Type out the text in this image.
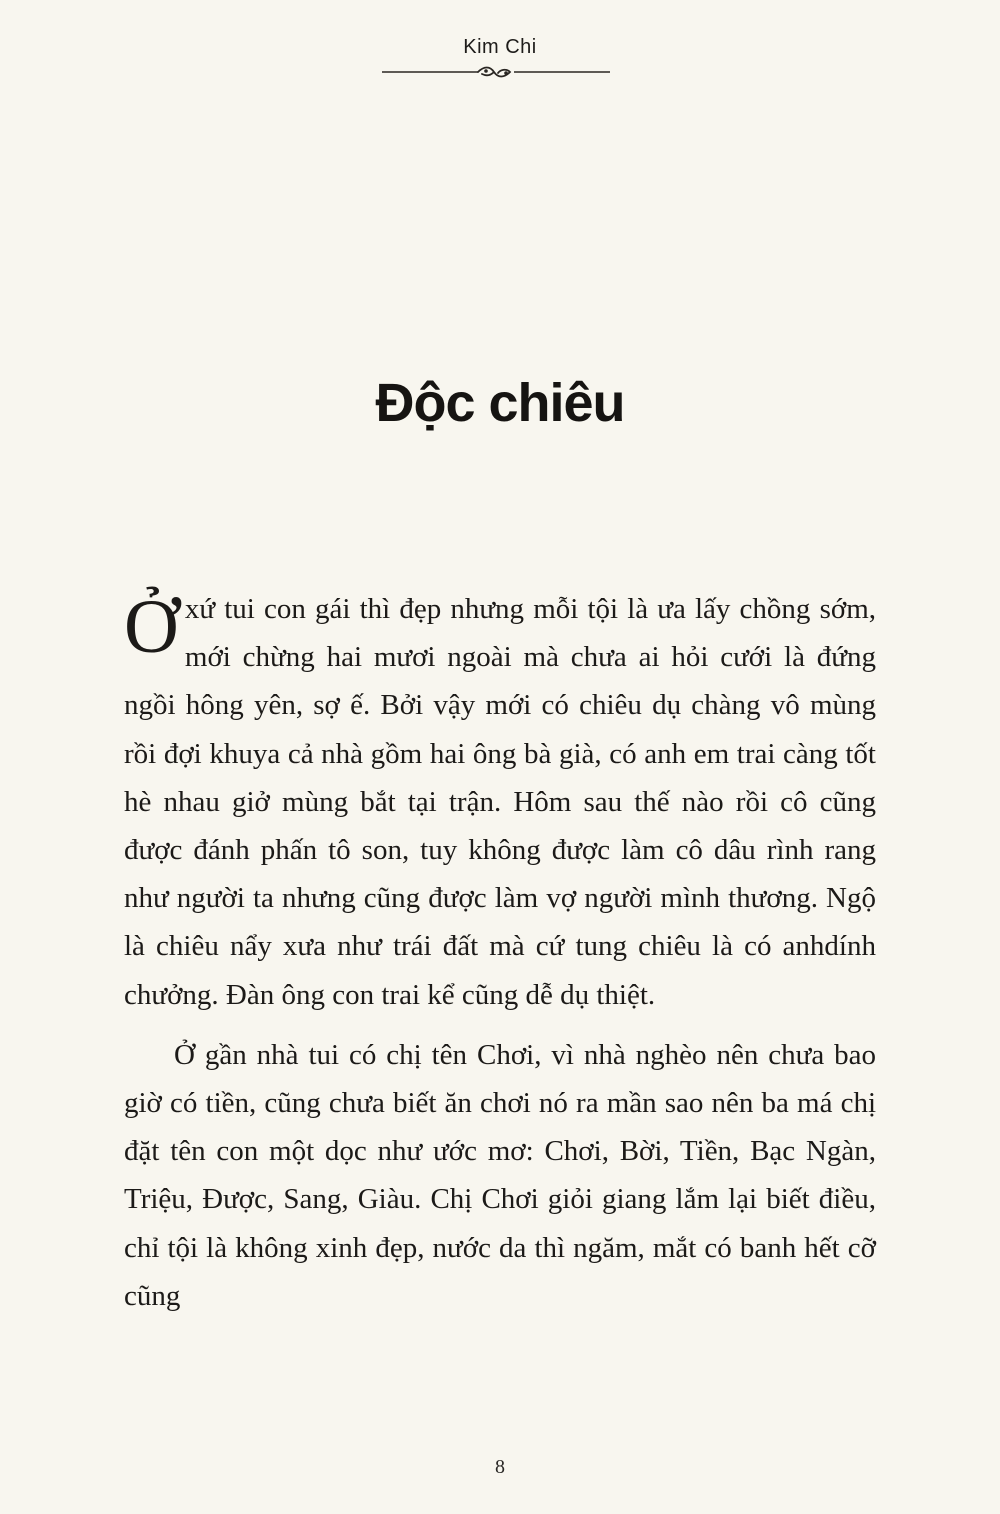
Kim Chi
Độc chiêu

Ở xứ tui con gái thì đẹp nhưng mỗi tội là ưa lấy chồng sớm, mới chừng hai mươi ngoài mà chưa ai hỏi cưới là đứng ngồi hông yên, sợ ế. Bởi vậy mới có chiêu dụ chàng vô mùng rồi đợi khuya cả nhà gồm hai ông bà già, có anh em trai càng tốt hè nhau giở mùng bắt tại trận. Hôm sau thế nào rồi cô cũng được đánh phấn tô son, tuy không được làm cô dâu rình rang như người ta nhưng cũng được làm vợ người mình thương. Ngộ là chiêu nẩy xưa như trái đất mà cứ tung chiêu là có anhdính chưởng. Đàn ông con trai kể cũng dễ dụ thiệt.

Ở gần nhà tui có chị tên Chơi, vì nhà nghèo nên chưa bao giờ có tiền, cũng chưa biết ăn chơi nó ra mần sao nên ba má chị đặt tên con một dọc như ước mơ: Chơi, Bời, Tiền, Bạc Ngàn, Triệu, Được, Sang, Giàu. Chị Chơi giỏi giang lắm lại biết điều, chỉ tội là không xinh đẹp, nước da thì ngăm, mắt có banh hết cỡ cũng

8
